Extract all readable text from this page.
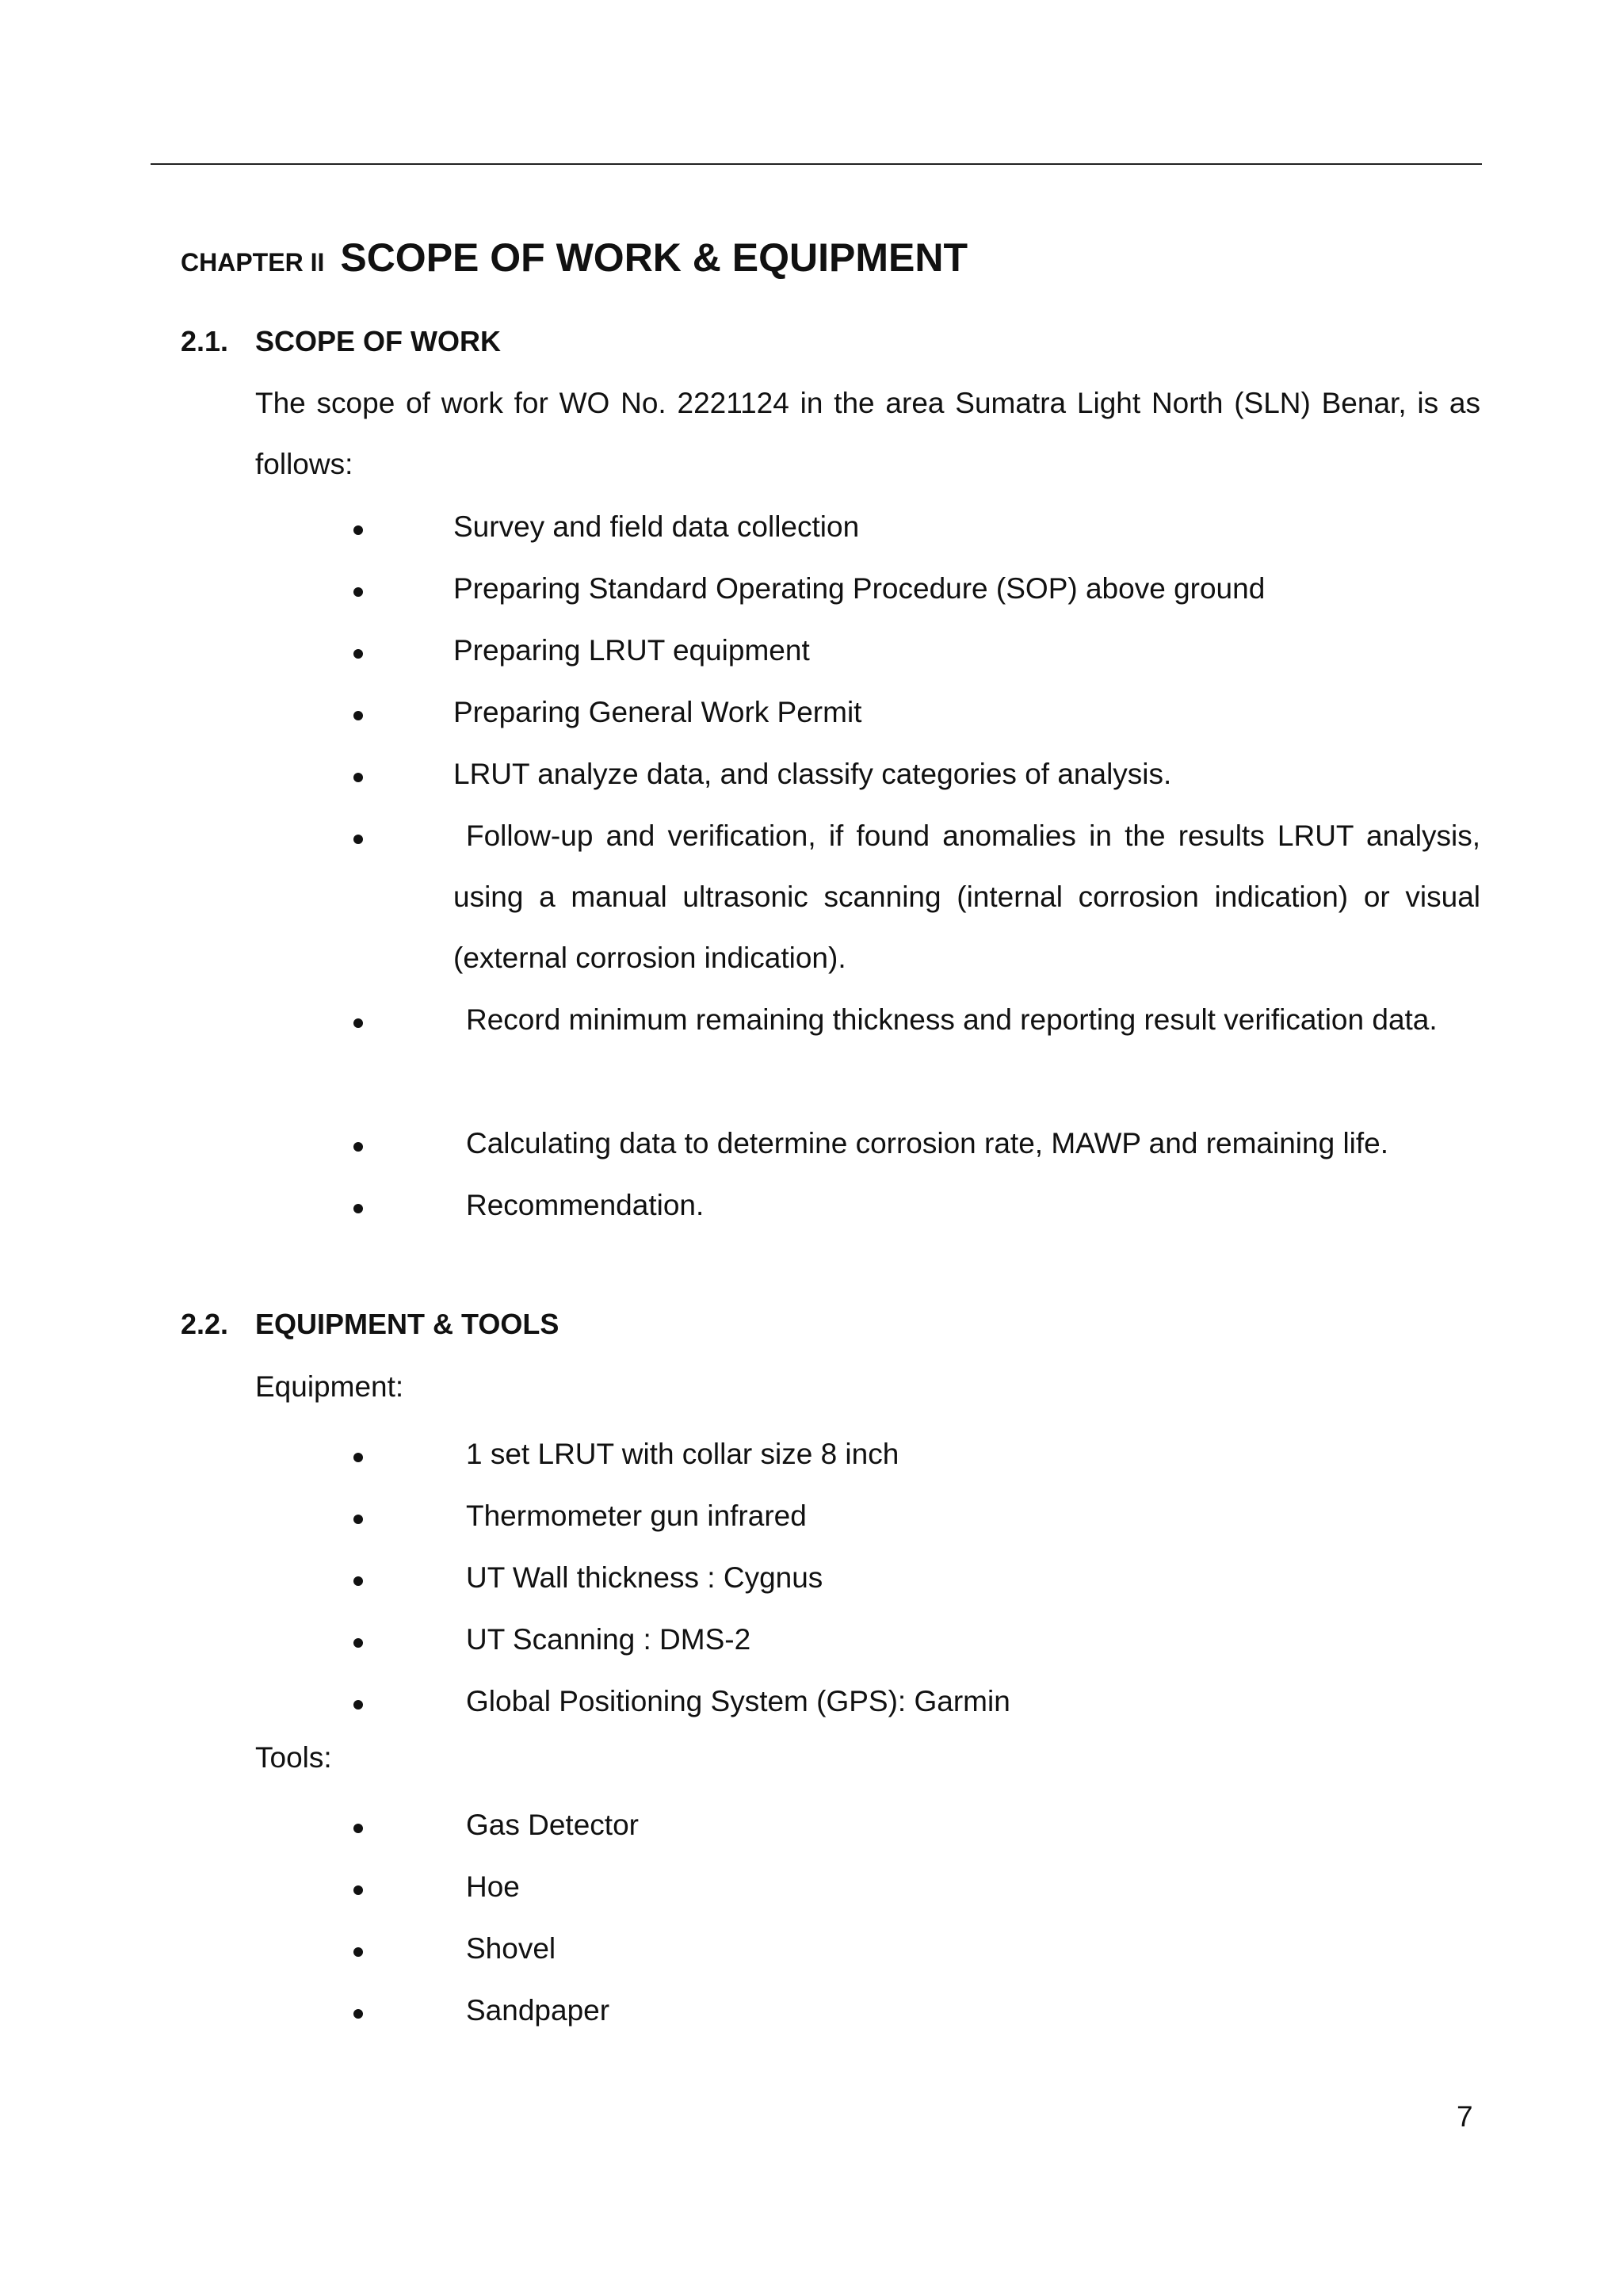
CHAPTER II SCOPE OF WORK & EQUIPMENT
2.1. SCOPE OF WORK
The scope of work for WO No. 2221124 in the area Sumatra Light North (SLN) Benar, is as follows:
Survey and field data collection
Preparing Standard Operating Procedure (SOP) above ground
Preparing LRUT equipment
Preparing General Work Permit
LRUT analyze data, and classify categories of analysis.
Follow-up and verification, if found anomalies in the results LRUT analysis, using a manual ultrasonic scanning (internal corrosion indication) or visual (external corrosion indication).
Record minimum remaining thickness and reporting result verification data.
Calculating data to determine corrosion rate, MAWP and remaining life.
Recommendation.
2.2. EQUIPMENT & TOOLS
Equipment:
1 set LRUT with collar size 8 inch
Thermometer gun infrared
UT Wall thickness : Cygnus
UT Scanning : DMS-2
Global Positioning System (GPS): Garmin
Tools:
Gas Detector
Hoe
Shovel
Sandpaper
7
